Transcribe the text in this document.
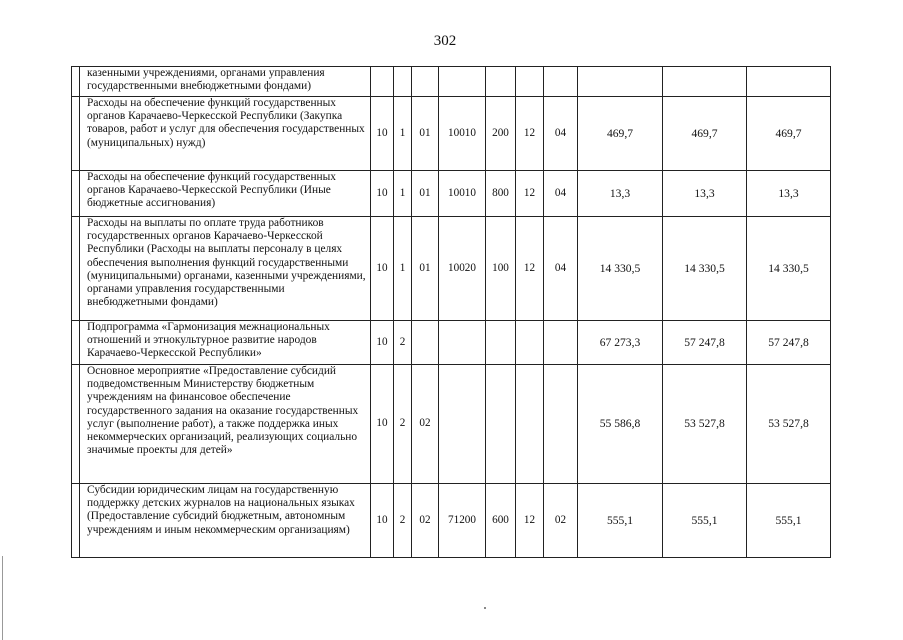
302
	казенными учреждениями, органами управления государственными внебюджетными фондами)										
	Расходы на обеспечение функций государственных органов Карачаево-Черкесской Республики (Закупка товаров, работ и услуг для обеспечения государственных (муниципальных) нужд)	10	1	01	10010	200	12	04	469,7	469,7	469,7
	Расходы на обеспечение функций государственных органов Карачаево-Черкесской Республики (Иные бюджетные ассигнования)	10	1	01	10010	800	12	04	13,3	13,3	13,3
	Расходы на выплаты по оплате труда работников государственных органов Карачаево-Черкесской Республики (Расходы на выплаты персоналу в целях обеспечения выполнения функций государственными (муниципальными) органами, казенными учреждениями, органами управления государственными внебюджетными фондами)	10	1	01	10020	100	12	04	14 330,5	14 330,5	14 330,5
	Подпрограмма «Гармонизация межнациональных отношений и этнокультурное развитие народов Карачаево-Черкесской Республики»	10	2						67 273,3	57 247,8	57 247,8
	Основное мероприятие «Предоставление субсидий подведомственным Министерству бюджетным учреждениям на финансовое обеспечение государственного задания на оказание государственных услуг (выполнение работ), а также поддержка иных некоммерческих организаций, реализующих социально значимые проекты для детей»	10	2	02					55 586,8	53 527,8	53 527,8
	Субсидии юридическим лицам на государственную поддержку детских журналов на национальных языках (Предоставление субсидий бюджетным, автономным учреждениям и иным некоммерческим организациям)	10	2	02	71200	600	12	02	555,1	555,1	555,1
